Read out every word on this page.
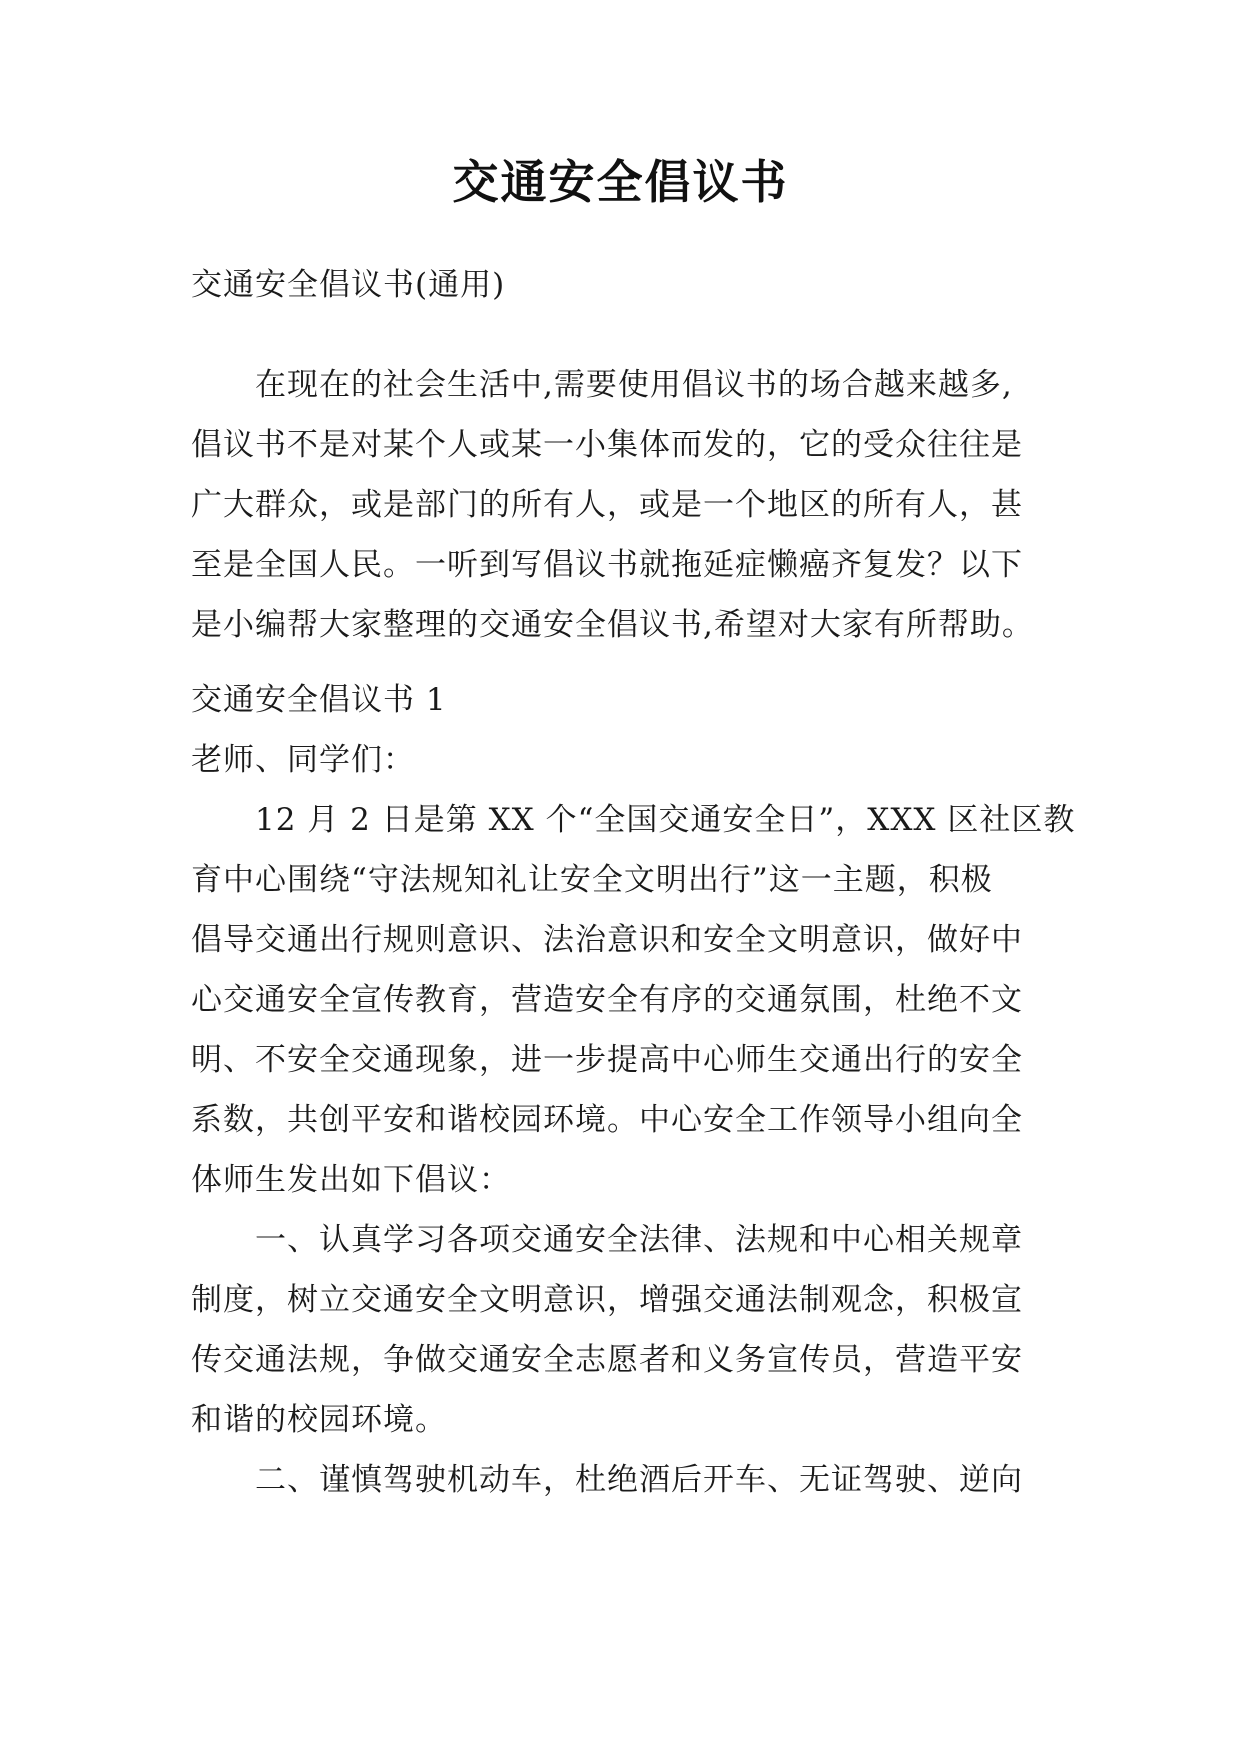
交通安全倡议书
交通安全倡议书(通用)
在现在的社会生活中,需要使用倡议书的场合越来越多,
倡议书不是对某个人或某一小集体而发的，它的受众往往是
广大群众，或是部门的所有人，或是一个地区的所有人，甚
至是全国人民。一听到写倡议书就拖延症懒癌齐复发？以下
是小编帮大家整理的交通安全倡议书,希望对大家有所帮助。
交通安全倡议书 1
老师、同学们：
12 月 2 日是第 XX 个“全国交通安全日”，XXX 区社区教
育中心围绕“守法规知礼让安全文明出行”这一主题，积极
倡导交通出行规则意识、法治意识和安全文明意识，做好中
心交通安全宣传教育，营造安全有序的交通氛围，杜绝不文
明、不安全交通现象，进一步提高中心师生交通出行的安全
系数，共创平安和谐校园环境。中心安全工作领导小组向全
体师生发出如下倡议：
一、认真学习各项交通安全法律、法规和中心相关规章
制度，树立交通安全文明意识，增强交通法制观念，积极宣
传交通法规，争做交通安全志愿者和义务宣传员，营造平安
和谐的校园环境。
二、谨慎驾驶机动车，杜绝酒后开车、无证驾驶、逆向
